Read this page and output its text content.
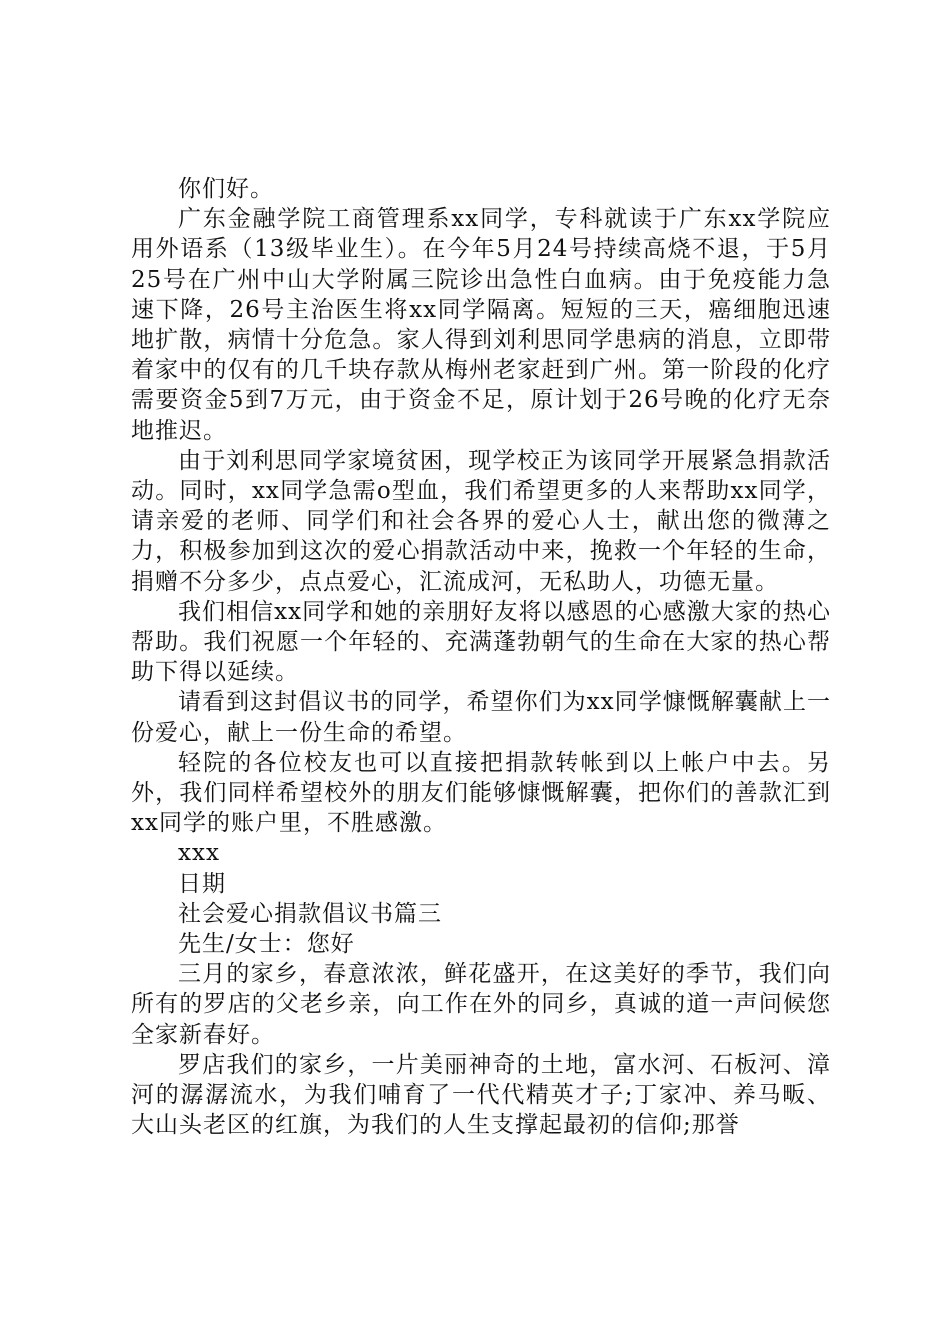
你们好。

广东金融学院工商管理系xx同学，专科就读于广东xx学院应用外语系（13级毕业生）。在今年5月24号持续高烧不退，于5月25号在广州中山大学附属三院诊出急性白血病。由于免疫能力急速下降，26号主治医生将xx同学隔离。短短的三天，癌细胞迅速地扩散，病情十分危急。家人得到刘利思同学患病的消息，立即带着家中的仅有的几千块存款从梅州老家赶到广州。第一阶段的化疗需要资金5到7万元，由于资金不足，原计划于26号晚的化疗无奈地推迟。

由于刘利思同学家境贫困，现学校正为该同学开展紧急捐款活动。同时，xx同学急需o型血，我们希望更多的人来帮助xx同学，请亲爱的老师、同学们和社会各界的爱心人士，献出您的微薄之力，积极参加到这次的爱心捐款活动中来，挽救一个年轻的生命，捐赠不分多少，点点爱心，汇流成河，无私助人，功德无量。

我们相信xx同学和她的亲朋好友将以感恩的心感激大家的热心帮助。我们祝愿一个年轻的、充满蓬勃朝气的生命在大家的热心帮助下得以延续。

请看到这封倡议书的同学，希望你们为xx同学慷慨解囊献上一份爱心，献上一份生命的希望。

轻院的各位校友也可以直接把捐款转帐到以上帐户中去。另外，我们同样希望校外的朋友们能够慷慨解囊，把你们的善款汇到xx同学的账户里，不胜感激。

xxx

日期

社会爱心捐款倡议书篇三

先生/女士：您好

三月的家乡，春意浓浓，鲜花盛开，在这美好的季节，我们向所有的罗店的父老乡亲，向工作在外的同乡，真诚的道一声问候您全家新春好。

罗店我们的家乡，一片美丽神奇的土地，富水河、石板河、漳河的潺潺流水，为我们哺育了一代代精英才子;丁家冲、养马畈、大山头老区的红旗，为我们的人生支撑起最初的信仰;那誉
